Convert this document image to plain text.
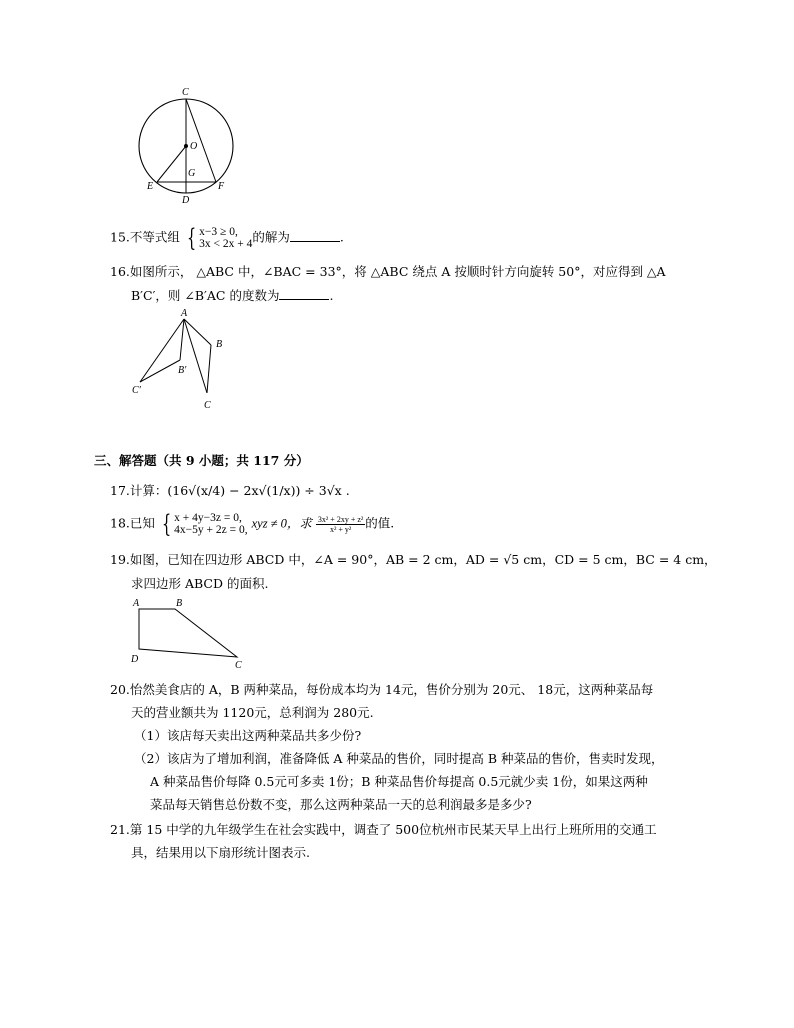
C
O
G
E	F
D
15.不等式组 { x−3 ≥ 0,
3x < 2x + 4 的解为	.
16.如图所示， △ABC 中，∠BAC = 33°，将 △ABC 绕点 A 按顺时针方向旋转 50°，对应得到 △A
B′C′，则 ∠B′AC 的度数为	.
A
B
B′
C′
C
三、解答题（共 9 小题；共 117 分）
17.计算：(16√(x/4) − 2x√(1/x)) ÷ 3√x .
18.已知 { x + 4y−3z = 0,
4x−5y + 2z = 0, xyz ≠ 0，求 $\frac{\text{3x² + 2xy + z²}}{\text{x² + y²}}$ 的值.
19.如图，已知在四边形 ABCD 中，∠A = 90°，AB = 2 cm，AD = √5 cm，CD = 5 cm，BC = 4 cm，
求四边形 ABCD 的面积.
A	B
D
C
20.怡然美食店的 A，B 两种菜品，每份成本均为 14元，售价分别为 20元、 18元，这两种菜品每
天的营业额共为 1120元，总利润为 280元.
（1）该店每天卖出这两种菜品共多少份?
（2）该店为了增加利润，准备降低 A 种菜品的售价，同时提高 B 种菜品的售价，售卖时发现，
A 种菜品售价每降 0.5元可多卖 1份；B 种菜品售价每提高 0.5元就少卖 1份，如果这两种
菜品每天销售总份数不变，那么这两种菜品一天的总利润最多是多少?
21.第 15 中学的九年级学生在社会实践中，调查了 500位杭州市民某天早上出行上班所用的交通工
具，结果用以下扇形统计图表示.
